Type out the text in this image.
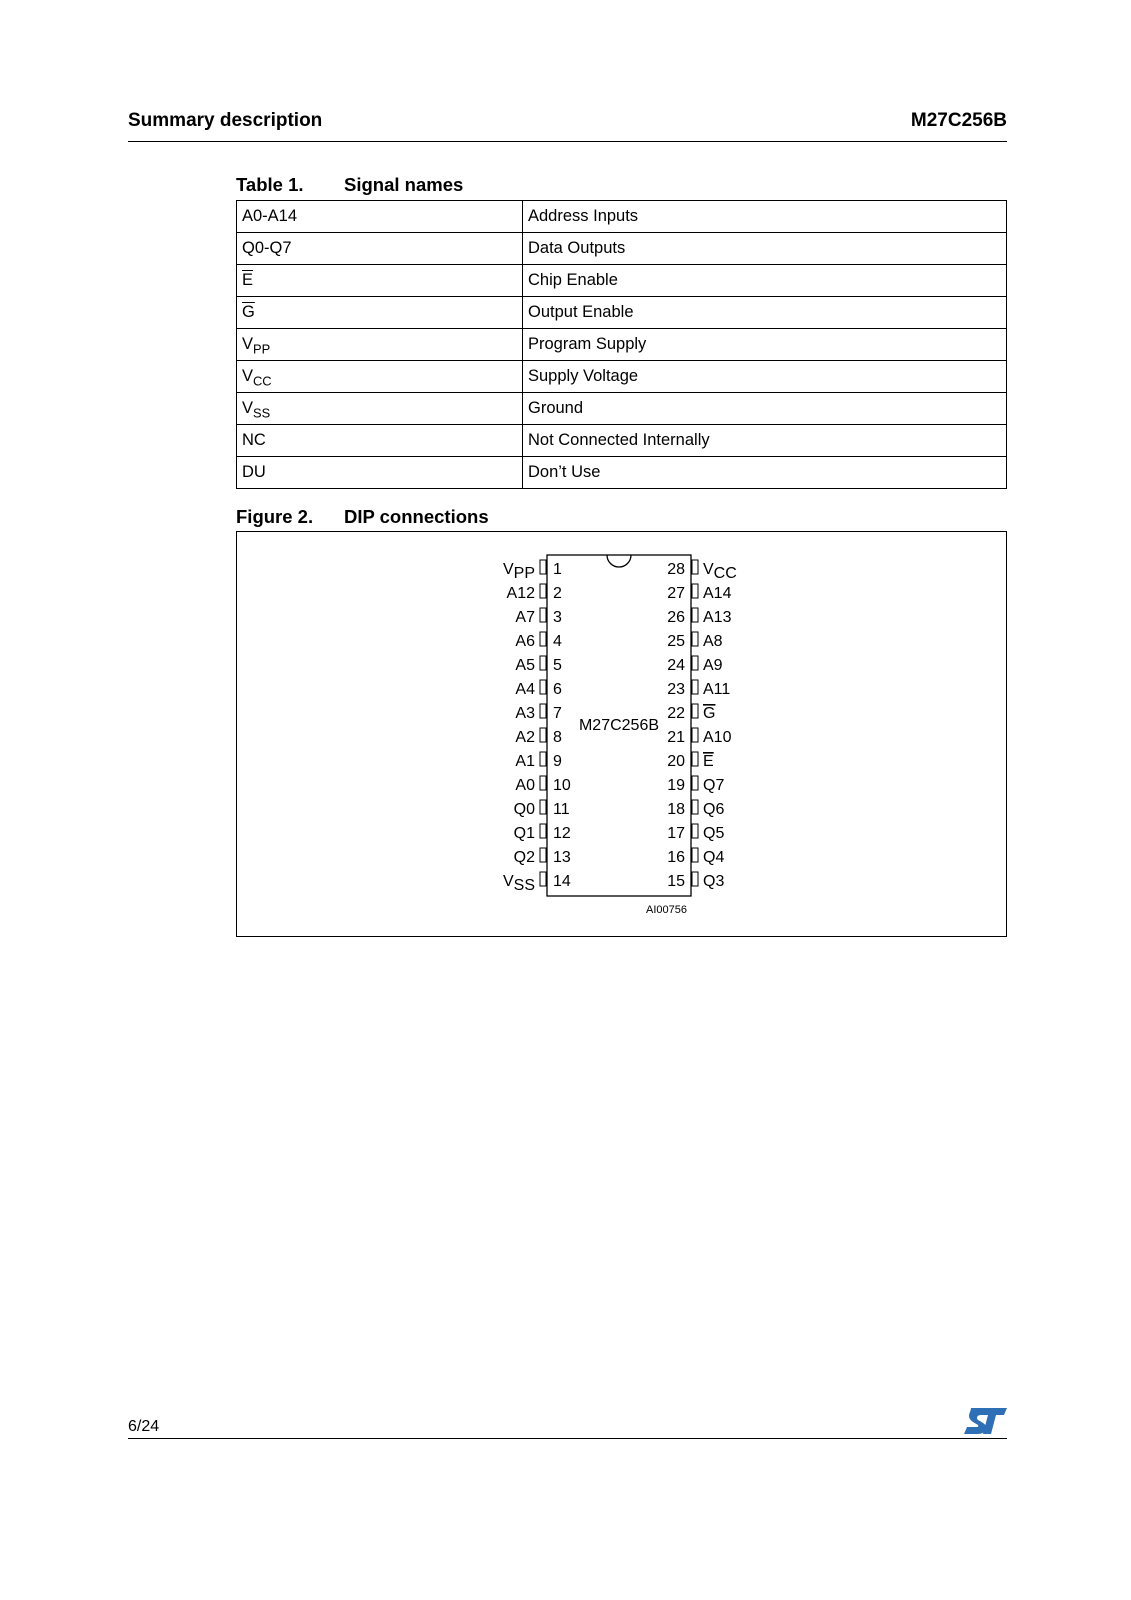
Summary description	M27C256B
Table 1. Signal names
A0-A14	Address Inputs
Q0-Q7	Data Outputs
$\overline{E}$	Chip Enable
$\overline{G}$	Output Enable
$V_{PP}$	Program Supply
$V_{CC}$	Supply Voltage
$V_{SS}$	Ground
NC	Not Connected Internally
DU	Don’t Use
Figure 2. DIP connections
M27C256B
AI00756
1
VPP
2
A12
3
A7
4
A6
5
A5
6
A4
7
A3
8
A2
9
A1
10
A0
11
Q0
12
Q1
13
Q2
14
VSS
28 VCC
27 A14
26 A13
25 A8
24 A9
23 A11
22 G
21 A10
20 E
19 Q7
18 Q6
17 Q5
16 Q4
15 Q3
6/24
